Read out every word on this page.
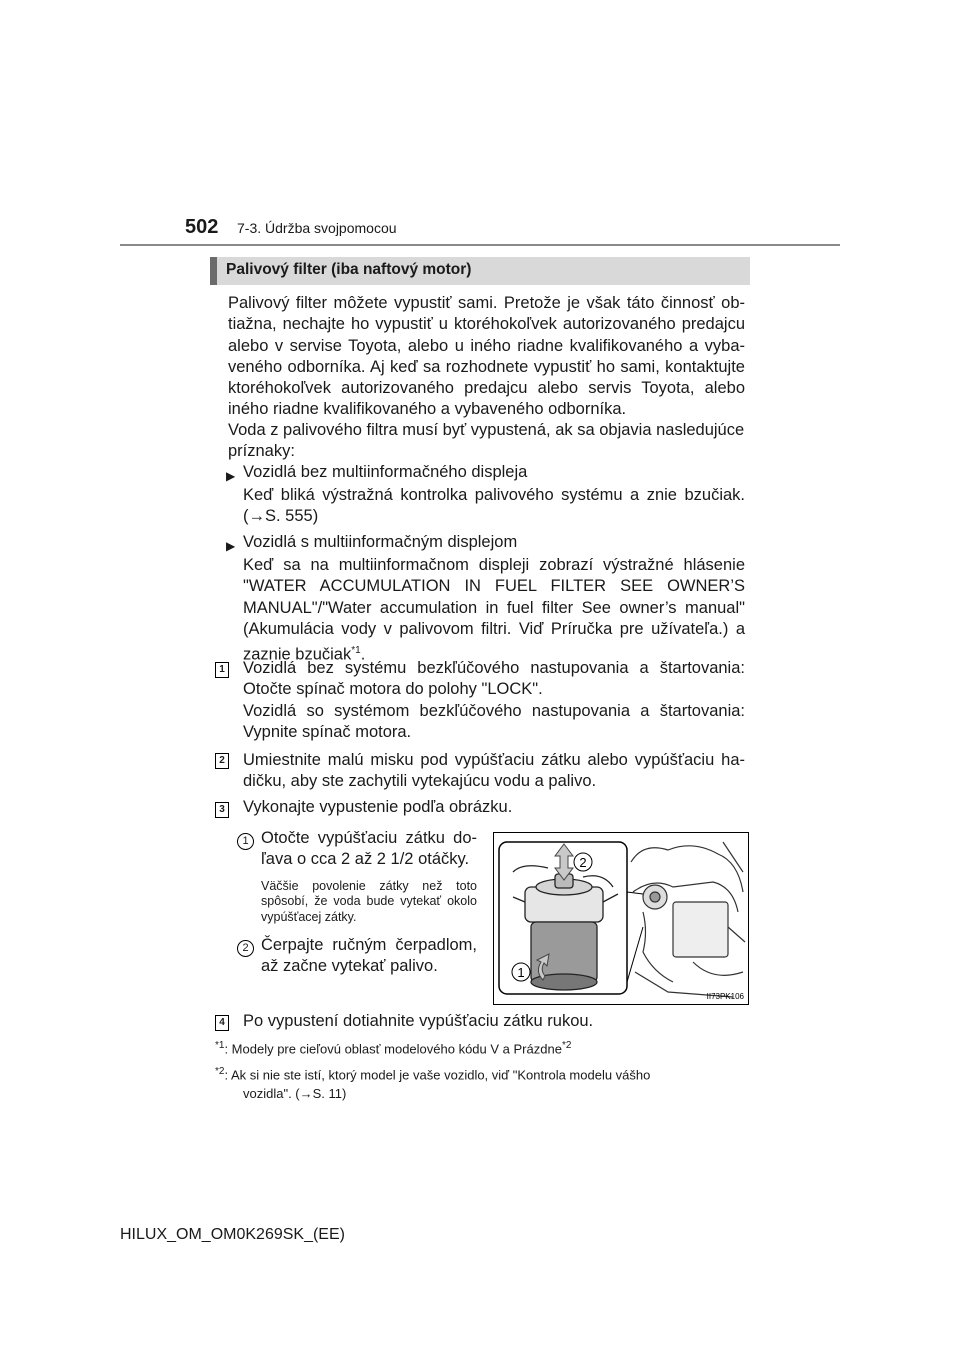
502 7-3. Údržba svojpomocou
Palivový filter (iba naftový motor)
Palivový filter môžete vypustiť sami. Pretože je však táto činnosť ob-tiažna, nechajte ho vypustiť u ktoréhokoľvek autorizovaného predajcu alebo v servise Toyota, alebo u iného riadne kvalifikovaného a vyba-veného odborníka. Aj keď sa rozhodnete vypustiť ho sami, kontaktujte ktoréhokoľvek autorizovaného predajcu alebo servis Toyota, alebo iného riadne kvalifikovaného a vybaveného odborníka.
Voda z palivového filtra musí byť vypustená, ak sa objavia nasledujúce príznaky:
▶ Vozidlá bez multiinformačného displeja
Keď bliká výstražná kontrolka palivového systému a znie bzučiak. (→S. 555)
▶ Vozidlá s multiinformačným displejom
Keď sa na multiinformačnom displeji zobrazí výstražné hlásenie "WATER ACCUMULATION IN FUEL FILTER SEE OWNER’S MANUAL"/"Water accumulation in fuel filter See owner’s manual" (Akumulácia vody v palivovom filtri. Viď Príručka pre užívateľa.) a zaznie bzučiak$^{*1}$.
1 Vozidlá bez systému bezkľúčového nastupovania a štartovania: Otočte spínač motora do polohy "LOCK".
Vozidlá so systémom bezkľúčového nastupovania a štartovania: Vypnite spínač motora.
2 Umiestnite malú misku pod vypúšťaciu zátku alebo vypúšťaciu ha-dičku, aby ste zachytili vytekajúcu vodu a palivo.
3 Vykonajte vypustenie podľa obrázku.
1 Otočte vypúšťaciu zátku do-ľava o cca 2 až 2 1/2 otáčky.
Väčšie povolenie zátky než toto spôsobí, že voda bude vytekať okolo vypúšťacej zátky.
2 Čerpajte ručným čerpadlom, až začne vytekať palivo.
2
1
II73PK106
4 Po vypustení dotiahnite vypúšťaciu zátku rukou.
$^{*1}$: Modely pre cieľovú oblasť modelového kódu V a Prázdne$^{*2}$
$^{*2}$: Ak si nie ste istí, ktorý model je vaše vozidlo, viď "Kontrola modelu vášho
vozidla". (→S. 11)
HILUX_OM_OM0K269SK_(EE)
